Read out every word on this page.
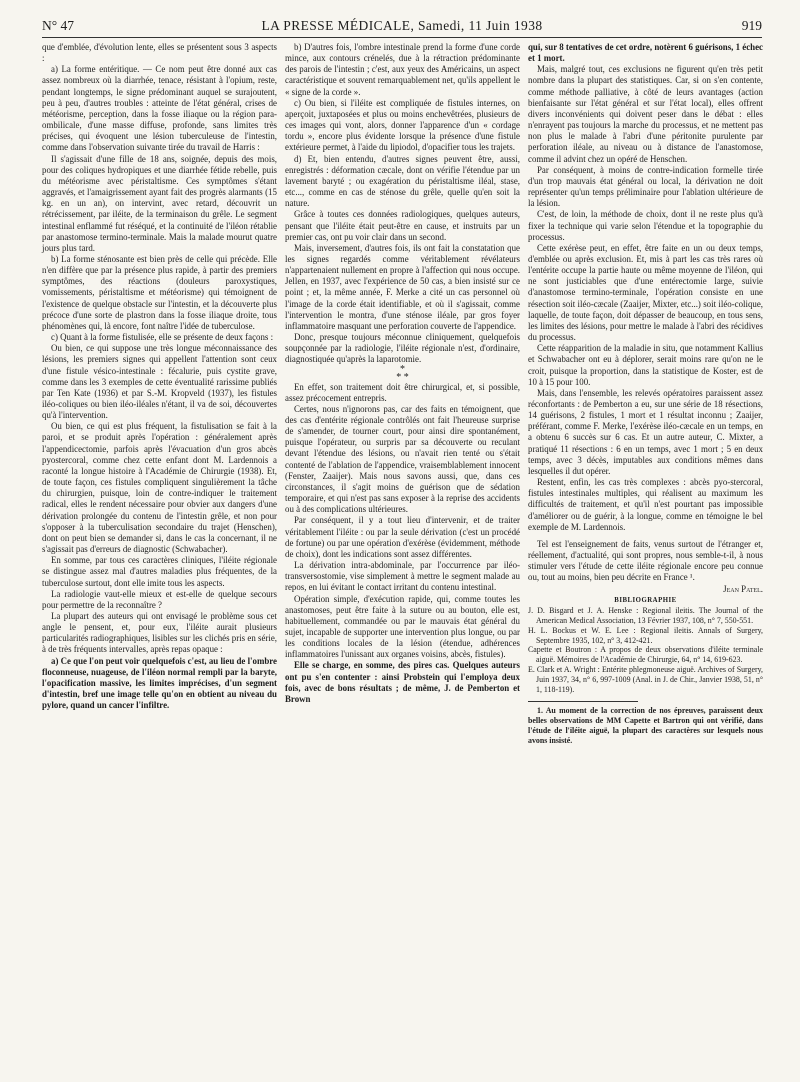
N° 47	LA PRESSE MÉDICALE, Samedi, 11 Juin 1938	919

que d'emblée, d'évolution lente, elles se présentent sous 3 aspects :

a) La forme entéritique. — Ce nom peut être donné aux cas assez nombreux où la diarrhée, tenace, résistant à l'opium, reste, pendant longtemps, le signe prédominant auquel se surajoutent, peu à peu, d'autres troubles : atteinte de l'état général, crises de météorisme, perception, dans la fosse iliaque ou la région para-ombilicale, d'une masse diffuse, profonde, sans limites très précises, qui évoquent une lésion tuberculeuse de l'intestin, comme dans l'observation suivante tirée du travail de Harris :

Il s'agissait d'une fille de 18 ans, soignée, depuis des mois, pour des coliques hydropiques et une diarrhée fétide rebelle, puis du météorisme avec péristaltisme. Ces symptômes s'étant aggravés, et l'amaigrissement ayant fait des progrès alarmants (15 kg. en un an), on intervint, avec retard, découvrit un rétrécissement, par iléite, de la terminaison du grêle. Le segment intestinal enflammé fut réséqué, et la continuité de l'iléon rétablie par anastomose termino-terminale. Mais la malade mourut quatre jours plus tard.

b) La forme sténosante est bien près de celle qui précède. Elle n'en diffère que par la présence plus rapide, à partir des premiers symptômes, des réactions (douleurs paroxystiques, vomissements, péristaltisme et météorisme) qui témoignent de l'existence de quelque obstacle sur l'intestin, et la découverte plus précoce d'une sorte de plastron dans la fosse iliaque droite, tous phénomènes qui, là encore, font naître l'idée de tuberculose.

c) Quant à la forme fistulisée, elle se présente de deux façons :

Ou bien, ce qui suppose une très longue méconnaissance des lésions, les premiers signes qui appellent l'attention sont ceux d'une fistule vésico-intestinale : fécalurie, puis cystite grave, comme dans les 3 exemples de cette éventualité rarissime publiés par Ten Kate (1936) et par S.-M. Kropveld (1937), les fistules iléo-coliques ou bien iléo-iléales n'étant, il va de soi, découvertes qu'à l'intervention.

Ou bien, ce qui est plus fréquent, la fistulisation se fait à la paroi, et se produit après l'opération : généralement après l'appendicectomie, parfois après l'évacuation d'un gros abcès pyostercoral, comme chez cette enfant dont M. Lardennois a raconté la longue histoire à l'Académie de Chirurgie (1938). Et, de toute façon, ces fistules compliquent singulièrement la tâche du chirurgien, puisque, loin de contre-indiquer le traitement radical, elles le rendent nécessaire pour obvier aux dangers d'une dérivation prolongée du contenu de l'intestin grêle, et non pour s'opposer à la tuberculisation secondaire du trajet (Henschen), dont on peut bien se demander si, dans le cas la concernant, il ne s'agissait pas d'erreurs de diagnostic (Schwabacher).

En somme, par tous ces caractères cliniques, l'iléite régionale se distingue assez mal d'autres maladies plus fréquentes, de la tuberculose surtout, dont elle imite tous les aspects.

La radiologie vaut-elle mieux et est-elle de quelque secours pour permettre de la reconnaître ?

La plupart des auteurs qui ont envisagé le problème sous cet angle le pensent, et, pour eux, l'iléite aurait plusieurs particularités radiographiques, lisibles sur les clichés pris en série, à de très fréquents intervalles, après repas opaque :

a) Ce que l'on peut voir quelquefois c'est, au lieu de l'ombre floconneuse, nuageuse, de l'iléon normal rempli par la baryte, l'opacification massive, les limites imprécises, d'un segment d'intestin, bref une image telle qu'on en obtient au niveau du pylore, quand un cancer l'infiltre.

b) D'autres fois, l'ombre intestinale prend la forme d'une corde mince, aux contours crénelés, due à la rétraction prédominante des parois de l'intestin ; c'est, aux yeux des Américains, un aspect caractéristique et souvent remarquablement net, qu'ils appellent le « signe de la corde ».

c) Ou bien, si l'iléite est compliquée de fistules internes, on aperçoit, juxtaposées et plus ou moins enchevêtrées, plusieurs de ces images qui vont, alors, donner l'apparence d'un « cordage tordu », encore plus évidente lorsque la présence d'une fistule extérieure permet, à l'aide du lipiodol, d'opacifier tous les trajets.

d) Et, bien entendu, d'autres signes peuvent être, aussi, enregistrés : déformation cæcale, dont on vérifie l'étendue par un lavement baryté ; ou exagération du péristaltisme iléal, stase, etc..., comme en cas de sténose du grêle, quelle qu'en soit la nature.

Grâce à toutes ces données radiologiques, quelques auteurs, pensant que l'iléite était peut-être en cause, et instruits par un premier cas, ont pu voir clair dans un second.

Mais, inversement, d'autres fois, ils ont fait la constatation que les signes regardés comme véritablement révélateurs n'appartenaient nullement en propre à l'affection qui nous occupe. Jellen, en 1937, avec l'expérience de 50 cas, a bien insisté sur ce point ; et, la même année, F. Merke a cité un cas personnel où l'image de la corde était identifiable, et où il s'agissait, comme l'intervention le montra, d'une sténose iléale, par gros foyer inflammatoire masquant une perforation couverte de l'appendice.

Donc, presque toujours méconnue cliniquement, quelquefois soupçonnée par la radiologie, l'iléite régionale n'est, d'ordinaire, diagnostiquée qu'après la laparotomie.

*
* *

En effet, son traitement doit être chirurgical, et, si possible, assez précocement entrepris.

Certes, nous n'ignorons pas, car des faits en témoignent, que des cas d'entérite régionale contrôlés ont fait l'heureuse surprise de s'amender, de tourner court, pour ainsi dire spontanément, puisque l'opérateur, ou surpris par sa découverte ou reculant devant l'étendue des lésions, ou n'avait rien tenté ou s'était contenté de l'ablation de l'appendice, vraisemblablement innocent (Fenster, Zaaijer). Mais nous savons aussi, que, dans ces circonstances, il s'agit moins de guérison que de sédation temporaire, et qui n'est pas sans exposer à la reprise des accidents ou à des complications ultérieures.

Par conséquent, il y a tout lieu d'intervenir, et de traiter véritablement l'iléite : ou par la seule dérivation (c'est un procédé de fortune) ou par une opération d'exérèse (évidemment, méthode de choix), dont les indications sont assez différentes.

La dérivation intra-abdominale, par l'occurrence par iléo-transversostomie, vise simplement à mettre le segment malade au repos, en lui évitant le contact irritant du contenu intestinal.

Opération simple, d'exécution rapide, qui, comme toutes les anastomoses, peut être faite à la suture ou au bouton, elle est, habituellement, commandée ou par le mauvais état général du sujet, incapable de supporter une intervention plus longue, ou par les conditions locales de la lésion (étendue, adhérences inflammatoires l'unissant aux organes voisins, abcès, fistules).

Elle se charge, en somme, des pires cas. Quelques auteurs ont pu s'en contenter : ainsi Probstein qui l'employa deux fois, avec de bons résultats ; de même, J. de Pemberton et Brown

qui, sur 8 tentatives de cet ordre, notèrent 6 guérisons, 1 échec et 1 mort.

Mais, malgré tout, ces exclusions ne figurent qu'en très petit nombre dans la plupart des statistiques. Car, si on s'en contente, comme méthode palliative, à côté de leurs avantages (action bienfaisante sur l'état général et sur l'état local), elles offrent divers inconvénients qui doivent peser dans le débat : elles n'enrayent pas toujours la marche du processus, et ne mettent pas non plus le malade à l'abri d'une péritonite purulente par perforation iléale, au niveau ou à distance de l'anastomose, comme il advint chez un opéré de Henschen.

Par conséquent, à moins de contre-indication formelle tirée d'un trop mauvais état général ou local, la dérivation ne doit représenter qu'un temps préliminaire pour l'ablation ultérieure de la lésion.

C'est, de loin, la méthode de choix, dont il ne reste plus qu'à fixer la technique qui varie selon l'étendue et la topographie du processus.

Cette exérèse peut, en effet, être faite en un ou deux temps, d'emblée ou après exclusion. Et, mis à part les cas très rares où l'entérite occupe la partie haute ou même moyenne de l'iléon, qui ne sont justiciables que d'une entérectomie large, suivie d'anastomose termino-terminale, l'opération consiste en une résection soit iléo-cæcale (Zaaijer, Mixter, etc...) soit iléo-colique, laquelle, de toute façon, doit dépasser de beaucoup, en tous sens, les limites des lésions, pour mettre le malade à l'abri des récidives du processus.

Cette réapparition de la maladie in situ, que notamment Kallius et Schwabacher ont eu à déplorer, serait moins rare qu'on ne le croit, puisque la proportion, dans la statistique de Koster, est de 10 à 15 pour 100.

Mais, dans l'ensemble, les relevés opératoires paraissent assez réconfortants : de Pemberton a eu, sur une série de 18 résections, 14 guérisons, 2 fistules, 1 mort et 1 résultat inconnu ; Zaaijer, préférant, comme F. Merke, l'exérèse iléo-cæcale en un temps, en a obtenu 6 succès sur 6 cas. Et un autre auteur, C. Mixter, a pratiqué 11 résections : 6 en un temps, avec 1 mort ; 5 en deux temps, avec 3 décès, imputables aux conditions mêmes dans lesquelles il dut opérer.

Restent, enfin, les cas très complexes : abcès pyo-stercoral, fistules intestinales multiples, qui réalisent au maximum les difficultés de traitement, et qu'il n'est pourtant pas impossible d'améliorer ou de guérir, à la longue, comme en témoigne le bel exemple de M. Lardennois.

Tel est l'enseignement de faits, venus surtout de l'étranger et, réellement, d'actualité, qui sont propres, nous semble-t-il, à nous stimuler vers l'étude de cette iléite régionale encore peu connue ou, tout au moins, bien peu décrite en France ¹.

Jean Patel.

BIBLIOGRAPHIE

J. D. Bisgard et J. A. Henske : Regional ileitis. The Journal of the American Medical Association, 13 Février 1937, 108, n° 7, 550-551.

H. L. Bockus et W. E. Lee : Regional ileitis. Annals of Surgery, Septembre 1935, 102, n° 3, 412-421.

Capette et Boutron : A propos de deux observations d'iléite terminale aiguë. Mémoires de l'Académie de Chirurgie, 64, n° 14, 619-623.

E. Clark et A. Wright : Entérite phlegmoneuse aiguë. Archives of Surgery, Juin 1937, 34, n° 6, 997-1009 (Anal. in J. de Chir., Janvier 1938, 51, n° 1, 118-119).

1. Au moment de la correction de nos épreuves, paraissent deux belles observations de MM Capette et Bartron qui ont vérifié, dans l'étude de l'iléite aiguë, la plupart des caractères sur lesquels nous avons insisté.
